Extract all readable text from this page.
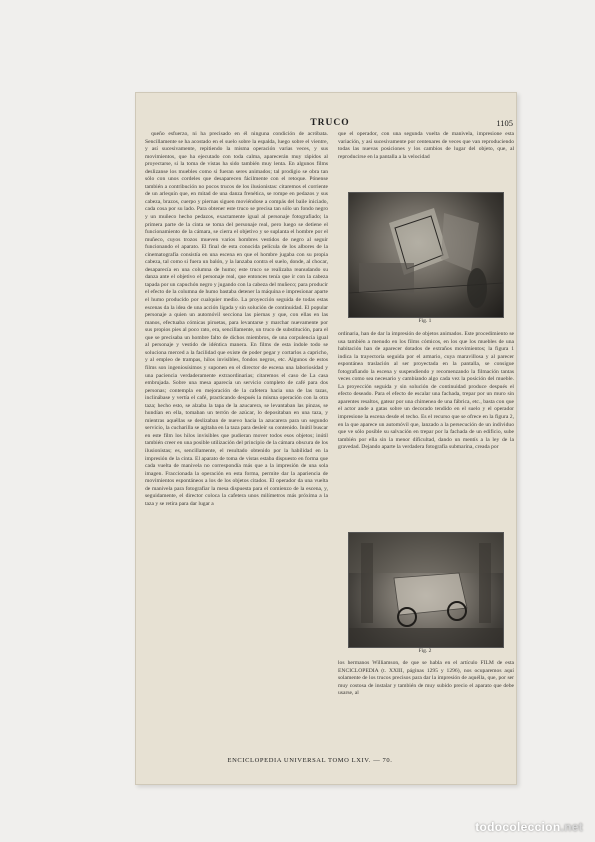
TRUCO	1105

queño esfuerzo, ni ha precisado en él ninguna condición de acróbata. Sencillamente se ha acostado en el suelo sobre la espalda, luego sobre el vientre, y así sucesivamente, repitiendo la misma operación varias veces, y sus movimientos, que ha ejecutado con toda calma, aparecerán muy rápidos al proyectarse, si la toma de vistas ha sido también muy lenta. En algunos films deslizanse los muebles como si fueran seres animados; tal prodigio se obra tan sólo con unos cordeles que desaparecen fácilmente con el retoque. Pónense también a contribución no pocos trucos de los ilusionistas: citaremos el corriente de un arlequín que, en mitad de una danza frenética, se rompe en pedazos y sus cabeza, brazos, cuerpo y piernas siguen moviéndose a compás del baile iniciado, cada cosa por su lado. Para obtener este truco se precisa tan sólo un fondo negro y un muñeco hecho pedazos, exactamente igual al personaje fotografiado; la primera parte de la cinta se toma del personaje real, pero luego se detiene el funcionamiento de la cámara, se cierra el objetivo y se suplanta el hombre por el muñeco, cuyos trozos mueven varios hombres vestidos de negro al seguir funcionando el aparato. El final de esta conocida película de los albores de la cinematografía consistía en una escena en que el hombre jugaba con su propia cabeza, tal como si fuera un balón, y la lanzaba contra el suelo, donde, al chocar, desaparecía en una columna de humo; este truco se realizaba reanudando su danza ante el objetivo el personaje real, que entonces tenía que ir con la cabeza tapada por un capuchón negro y jugando con la cabeza del muñeco; para producir el efecto de la columna de humo bastaba detener la máquina e impresionar aparte el humo producido por cualquier medio. La proyección seguida de todas estas escenas da la idea de una acción ligada y sin solución de continuidad. El popular personaje a quien un automóvil secciona las piernas y que, con ellas en las manos, efectuaba cómicas piruetas, para levantarse y marchar nuevamente por sus propios pies al poco rato, era, sencillamente, un truco de substitución, para el que se precisaba un hombre falto de dichos miembros, de una corpulencia igual al personaje y vestido de idéntica manera. En films de esta índole todo se soluciona merced a la facilidad que existe de poder pegar y cortarlos a capricho, y al empleo de trampas, hilos invisibles, fondos negros, etc. Algunos de estos films son ingeniosísimos y suponen en el director de escena una laboriosidad y una paciencia verdaderamente extraordinarias; citaremos el caso de La casa embrujada. Sobre una mesa aparecía un servicio completo de café para dos personas; contempla en mejoración de la cafetera hacia una de las tazas, inclinábase y vertía el café, practicando después la misma operación con la otra taza; hecho esto, se alzaba la tapa de la azucarera, se levantaban las pinzas, se hundían en ella, tomaban un terrón de azúcar, lo depositaban en una taza, y mientras aquéllas se deslizaban de nuevo hacia la azucarera para un segundo servicio, la cucharilla se agitaba en la taza para desleír su contenido. Inútil buscar en este film los hilos invisibles que pudieran mover todos esos objetos; inútil también creer en una posible utilización del principio de la cámara obscura de los ilusionistas; es, sencillamente, el resultado obtenido por la habilidad en la impresión de la cinta. El aparato de toma de vistas estaba dispuesto en forma que cada vuelta de manivela no correspondía más que a la impresión de una sola imagen. Fraccionada la operación en esta forma, permite dar la apariencia de movimientos espontáneos a los de los objetos citados. El operador da una vuelta de manivela para fotografiar la mesa dispuesta para el comienzo de la escena, y, seguidamente, el director coloca la cafetera unos milímetros más próxima a la taza y se retira para dar lugar a

que el operador, con una segunda vuelta de manivela, impresione esta variación, y así sucesivamente por centenares de veces que van reproduciendo todas las nuevas posiciones y los cambios de lugar del objeto, que, al reproducirse en la pantalla a la velocidad

Fig. 1

ordinaria, han de dar la impresión de objetos animados. Este procedimiento se usa también a menudo en los films cómicos, en los que los muebles de una habitación han de aparecer dotados de extraños movimientos; la figura 1 indica la trayectoria seguida por el armario, cuya maravillosa y al parecer espontánea traslación al ser proyectada en la pantalla, se consigue fotografiando la escena y suspendiendo y recomenzando la filmación tantas veces como sea necesario y cambiando algo cada vez la posición del mueble. La proyección seguida y sin solución de continuidad produce después el efecto deseado. Para el efecto de escalar una fachada, trepar por un muro sin aparentes resaltos, gatear por una chimenea de una fábrica, etc., basta con que el actor ande a gatas sobre un decorado tendido en el suelo y el operador impresione la escena desde el techo. Es el recurso que se ofrece en la figura 2, en la que aparece un automóvil que, lanzado a la persecución de un individuo que ve sólo posible su salvación en trepar por la fachada de un edificio, sube también por ella sin la menor dificultad, dando un mentís a la ley de la gravedad. Dejando aparte la verdadera fotografía submarina, creada por

Fig. 2

los hermanos Williamson, de que se habla en el artículo FILM de esta ENCICLOPEDIA (t. XXIII, páginas 1295 y 1296), nos ocuparemos aquí solamente de los trucos precisos para dar la impresión de aquélla, que, por ser muy costosa de instalar y también de muy subido precio el aparato que debe usarse, al

ENCICLOPEDIA UNIVERSAL TOMO LXIV. — 70.
todocoleccion.net
